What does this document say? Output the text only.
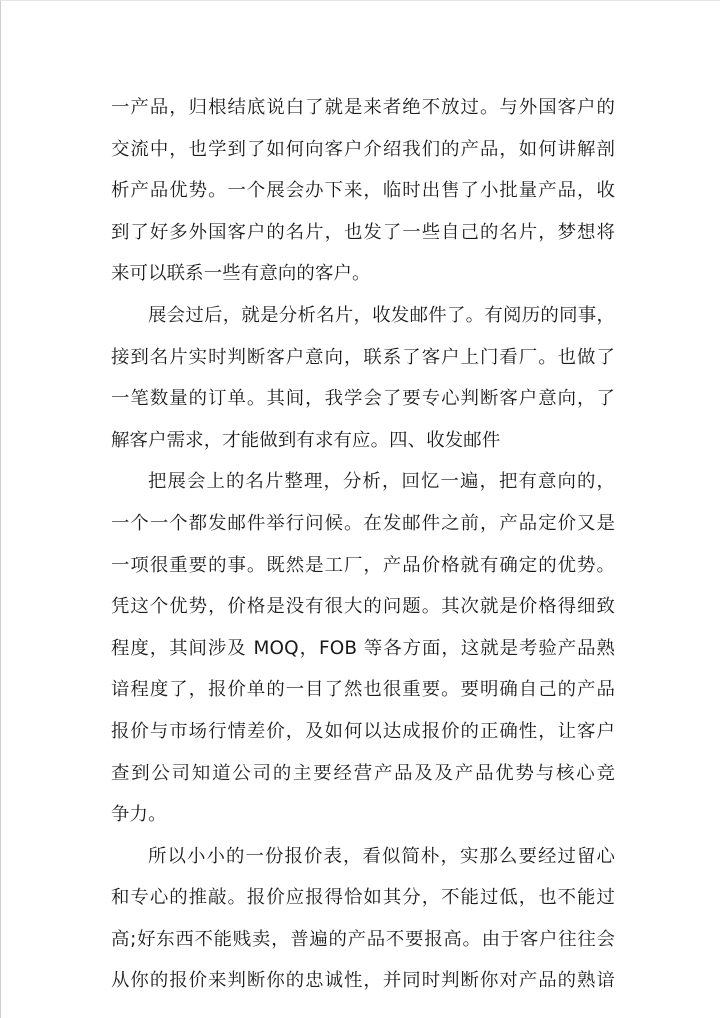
一产品，归根结底说白了就是来者绝不放过。与外国客户的
交流中，也学到了如何向客户介绍我们的产品，如何讲解剖
析产品优势。一个展会办下来，临时出售了小批量产品，收
到了好多外国客户的名片，也发了一些自己的名片，梦想将
来可以联系一些有意向的客户。
展会过后，就是分析名片，收发邮件了。有阅历的同事，
接到名片实时判断客户意向，联系了客户上门看厂。也做了
一笔数量的订单。其间，我学会了要专心判断客户意向，了
解客户需求，才能做到有求有应。四、收发邮件
把展会上的名片整理，分析，回忆一遍，把有意向的，
一个一个都发邮件举行问候。在发邮件之前，产品定价又是
一项很重要的事。既然是工厂，产品价格就有确定的优势。
凭这个优势，价格是没有很大的问题。其次就是价格得细致
程度，其间涉及 MOQ，FOB 等各方面，这就是考验产品熟
谙程度了，报价单的一目了然也很重要。要明确自己的产品
报价与市场行情差价，及如何以达成报价的正确性，让客户
查到公司知道公司的主要经营产品及及产品优势与核心竞
争力。
所以小小的一份报价表，看似简朴，实那么要经过留心
和专心的推敲。报价应报得恰如其分，不能过低，也不能过
高;好东西不能贱卖，普遍的产品不要报高。由于客户往往会
从你的报价来判断你的忠诚性，并同时判断你对产品的熟谙
